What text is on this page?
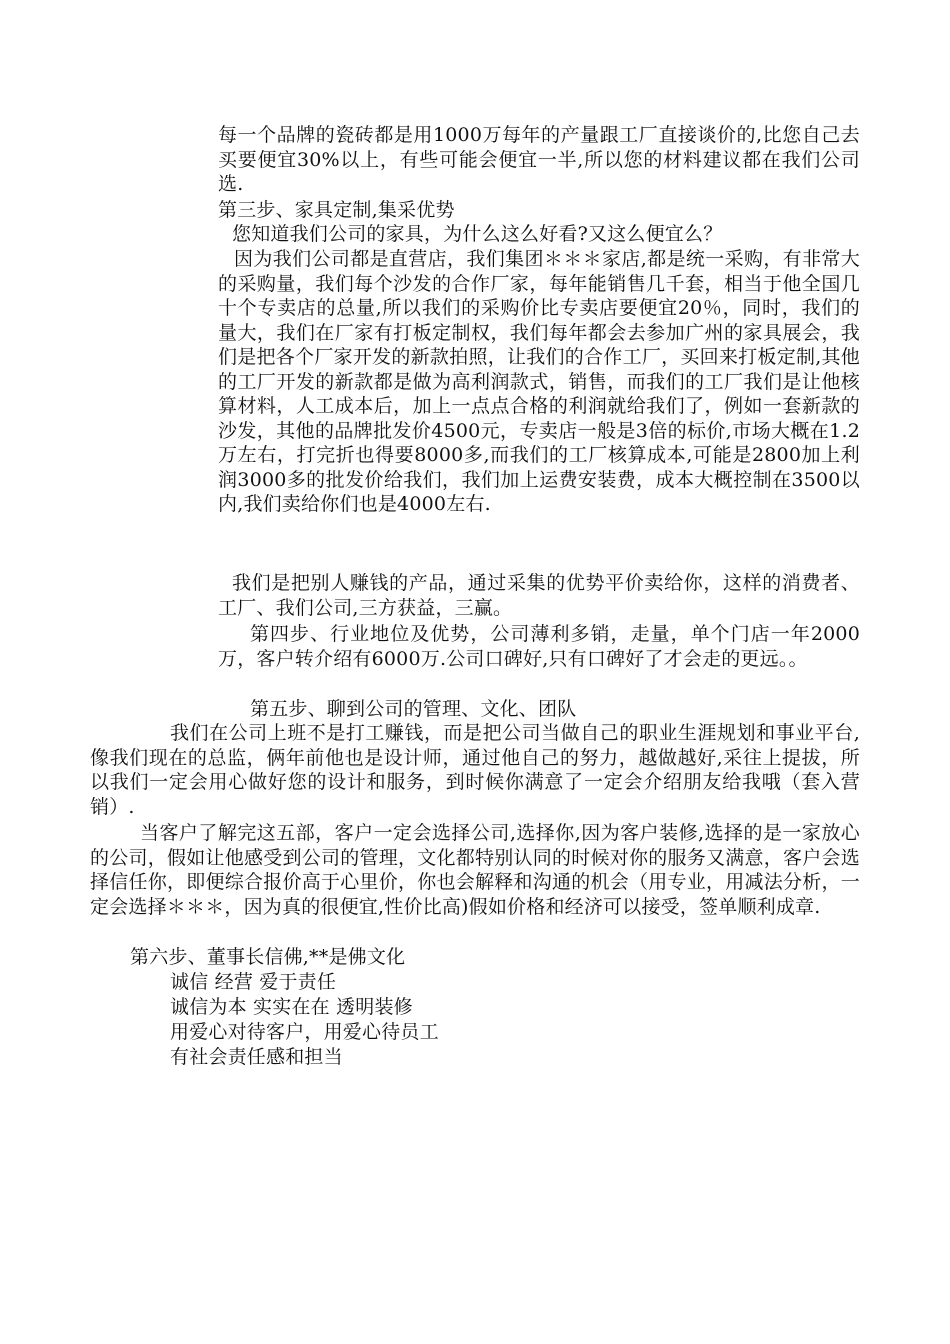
每一个品牌的瓷砖都是用1000万每年的产量跟工厂直接谈价的,比您自己去买要便宜30%以上，有些可能会便宜一半,所以您的材料建议都在我们公司选.

第三步、家具定制,集采优势

您知道我们公司的家具，为什么这么好看?又这么便宜么？

因为我们公司都是直营店，我们集团＊＊＊家店,都是统一采购，有非常大的采购量，我们每个沙发的合作厂家，每年能销售几千套，相当于他全国几十个专卖店的总量,所以我们的采购价比专卖店要便宜20％，同时，我们的量大，我们在厂家有打板定制权，我们每年都会去参加广州的家具展会，我们是把各个厂家开发的新款拍照，让我们的合作工厂，买回来打板定制,其他的工厂开发的新款都是做为高利润款式，销售，而我们的工厂我们是让他核算材料，人工成本后，加上一点点合格的利润就给我们了，例如一套新款的沙发，其他的品牌批发价4500元，专卖店一般是3倍的标价,市场大概在1.2万左右，打完折也得要8000多,而我们的工厂核算成本,可能是2800加上利润3000多的批发价给我们，我们加上运费安装费，成本大概控制在3500以内,我们卖给你们也是4000左右.

我们是把别人赚钱的产品，通过采集的优势平价卖给你，这样的消费者、工厂、我们公司,三方获益，三赢。

第四步、行业地位及优势，公司薄利多销，走量，单个门店一年2000万，客户转介绍有6000万.公司口碑好,只有口碑好了才会走的更远。。

第五步、聊到公司的管理、文化、团队

我们在公司上班不是打工赚钱，而是把公司当做自己的职业生涯规划和事业平台,像我们现在的总监，俩年前他也是设计师，通过他自己的努力，越做越好,采往上提拔，所以我们一定会用心做好您的设计和服务，到时候你满意了一定会介绍朋友给我哦（套入营销）.

当客户了解完这五部，客户一定会选择公司,选择你,因为客户装修,选择的是一家放心的公司，假如让他感受到公司的管理，文化都特别认同的时候对你的服务又满意，客户会选择信任你，即便综合报价高于心里价，你也会解释和沟通的机会（用专业，用减法分析，一定会选择＊＊＊，因为真的很便宜,性价比高)假如价格和经济可以接受，签单顺利成章.

第六步、董事长信佛,**是佛文化

诚信 经营 爱于责任

诚信为本 实实在在 透明装修

用爱心对待客户，用爱心待员工

有社会责任感和担当
